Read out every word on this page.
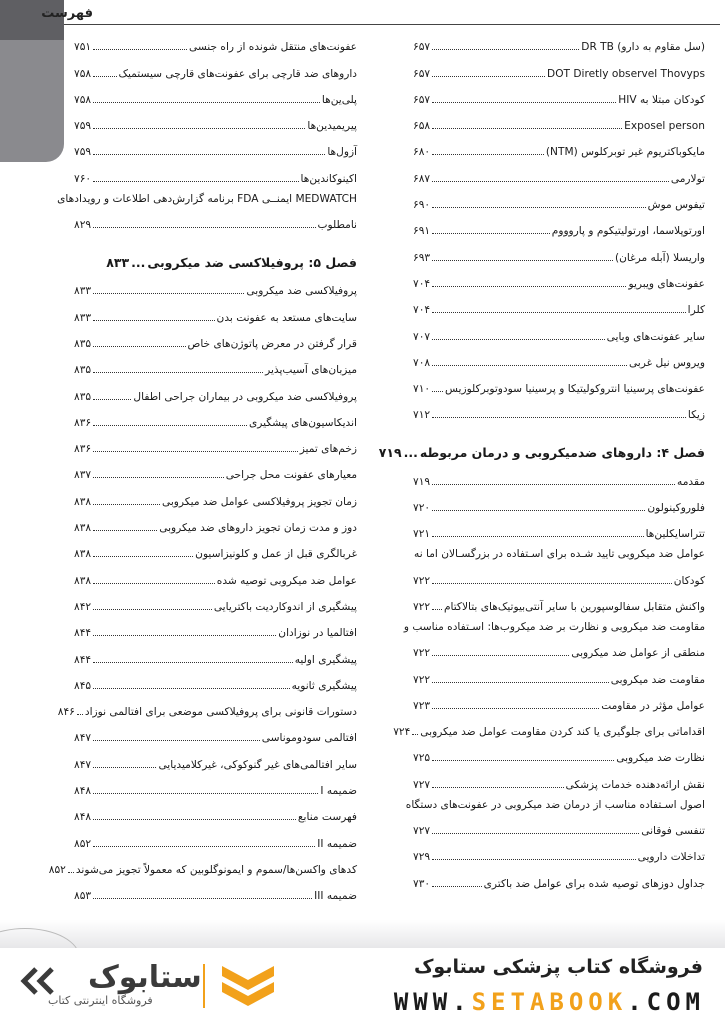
فهرست
(سل مقاوم به دارو) DR TB
۶۵۷
DOT Diretly observel Thovyps
۶۵۷
کودکان مبتلا به HIV
۶۵۷
Exposel person
۶۵۸
مایکوباکتریوم غیر توبرکلوس (NTM)
۶۸۰
تولارمی
۶۸۷
تیفوس موش
۶۹۰
اورتوپلاسما، اورتولیتیکوم و پاروووم
۶۹۱
واریسلا (آبله مرغان)
۶۹۳
عفونت‌های ویبریو
۷۰۴
کلرا
۷۰۴
سایر عفونت‌های وبایی
۷۰۷
ویروس نیل غربی
۷۰۸
عفونت‌های پرسینیا انتروکولیتیکا و پرسینیا سودوتوبرکلوزیس
۷۱۰
زیکا
۷۱۲
فصل ۴: داروهای ضدمیکروبی و درمان مربوطه
...
۷۱۹
مقدمه
۷۱۹
فلوروکینولون
۷۲۰
تتراسایکلین‌ها
۷۲۱
عوامل ضد میکروبی تایید شـده برای اسـتفاده در بزرگسـالان اما نه
کودکان
۷۲۲
واکنش متقابل سفالوسپورین با سایر آنتی‌بیوتیک‌های بتالاکتام
۷۲۲
مقاومت ضد میکروبی و نظارت بر ضد میکروب‌ها: اسـتفاده مناسب و
منطقی از عوامل ضد میکروبی
۷۲۲
مقاومت ضد میکروبی
۷۲۲
عوامل مؤثر در مقاومت
۷۲۳
اقداماتی برای جلوگیری یا کند کردن مقاومت عوامل ضد میکروبی
۷۲۴
نظارت ضد میکروبی
۷۲۵
نقش ارائه‌دهنده خدمات پزشکی
۷۲۷
اصول اسـتفاده مناسب از درمان ضد میکروبی در عفونت‌های دستگاه
تنفسی فوقانی
۷۲۷
تداخلات دارویی
۷۲۹
جداول دوزهای توصیه شده برای عوامل ضد باکتری
۷۳۰
عفونت‌های منتقل شونده از راه جنسی
۷۵۱
داروهای ضد قارچی برای عفونت‌های قارچی سیستمیک
۷۵۸
پلی‌ین‌ها
۷۵۸
پیریمیدین‌ها
۷۵۹
آزول‌ها
۷۵۹
اکینوکاندین‌ها
۷۶۰
MEDWATCH ایمنــی FDA برنامه گزارش‌دهی اطلاعات و رویدادهای
نامطلوب
۸۲۹
فصل ۵: پروفیلاکسی ضد میکروبی
...
۸۳۳
پروفیلاکسی ضد میکروبی
۸۳۳
سایت‌های مستعد به عفونت بدن
۸۳۳
قرار گرفتن در معرض پاتوژن‌های خاص
۸۳۵
میزبان‌های آسیب‌پذیر
۸۳۵
پروفیلاکسی ضد میکروبی در بیماران جراحی اطفال
۸۳۵
اندیکاسیون‌های پیشگیری
۸۳۶
زخم‌های تمیز
۸۳۶
معیارهای عفونت محل جراحی
۸۳۷
زمان تجویز پروفیلاکسی عوامل ضد میکروبی
۸۳۸
دوز و مدت زمان تجویز داروهای ضد میکروبی
۸۳۸
غربالگری قبل از عمل و کلونیزاسیون
۸۳۸
عوامل ضد میکروبی توصیه شده
۸۳۸
پیشگیری از اندوکاردیت باکتریایی
۸۴۲
افتالمیا در نوزادان
۸۴۴
پیشگیری اولیه
۸۴۴
پیشگیری ثانویه
۸۴۵
دستورات قانونی برای پروفیلاکسی موضعی برای افتالمی نوزاد
۸۴۶
افتالمی سودوموناسی
۸۴۷
سایر افتالمی‌های غیر گنوکوکی، غیرکلامیدیایی
۸۴۷
ضمیمه I
۸۴۸
فهرست منابع
۸۴۸
ضمیمه II
۸۵۲
کدهای واکسن‌ها/سموم و ایمونوگلوبین که معمولاً تجویز می‌شوند
۸۵۲
ضمیمه III
۸۵۳
فروشگاه کتاب پزشکی ستابوک
WWW.SETABOOK.COM
ستابوک
فروشگاه اینترنتی کتاب
